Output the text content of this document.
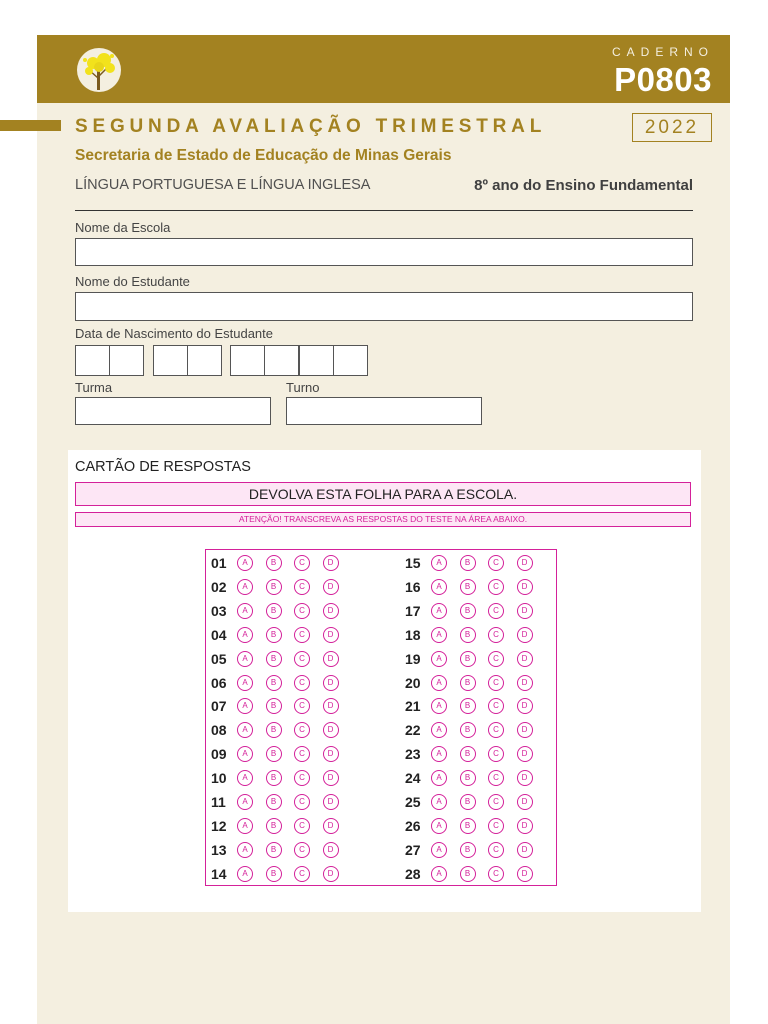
CADERNO
P0803
SEGUNDA AVALIAÇÃO TRIMESTRAL	2022
Secretaria de Estado de Educação de Minas Gerais
LÍNGUA PORTUGUESA E LÍNGUA INGLESA	8º ano do Ensino Fundamental
Nome da Escola
Nome do Estudante
Data de Nascimento do Estudante
Turma	Turno
CARTÃO DE RESPOSTAS
DEVOLVA ESTA FOLHA PARA A ESCOLA.
ATENÇÃO! TRANSCREVA AS RESPOSTAS DO TESTE NA ÁREA ABAIXO.
01	A	B	C	D
02	A	B	C	D
03	A	B	C	D
04	A	B	C	D
05	A	B	C	D
06	A	B	C	D
07	A	B	C	D
08	A	B	C	D
09	A	B	C	D
10	A	B	C	D
11	A	B	C	D
12	A	B	C	D
13	A	B	C	D
14	A	B	C	D
15	A	B	C	D
16	A	B	C	D
17	A	B	C	D
18	A	B	C	D
19	A	B	C	D
20	A	B	C	D
21	A	B	C	D
22	A	B	C	D
23	A	B	C	D
24	A	B	C	D
25	A	B	C	D
26	A	B	C	D
27	A	B	C	D
28	A	B	C	D
